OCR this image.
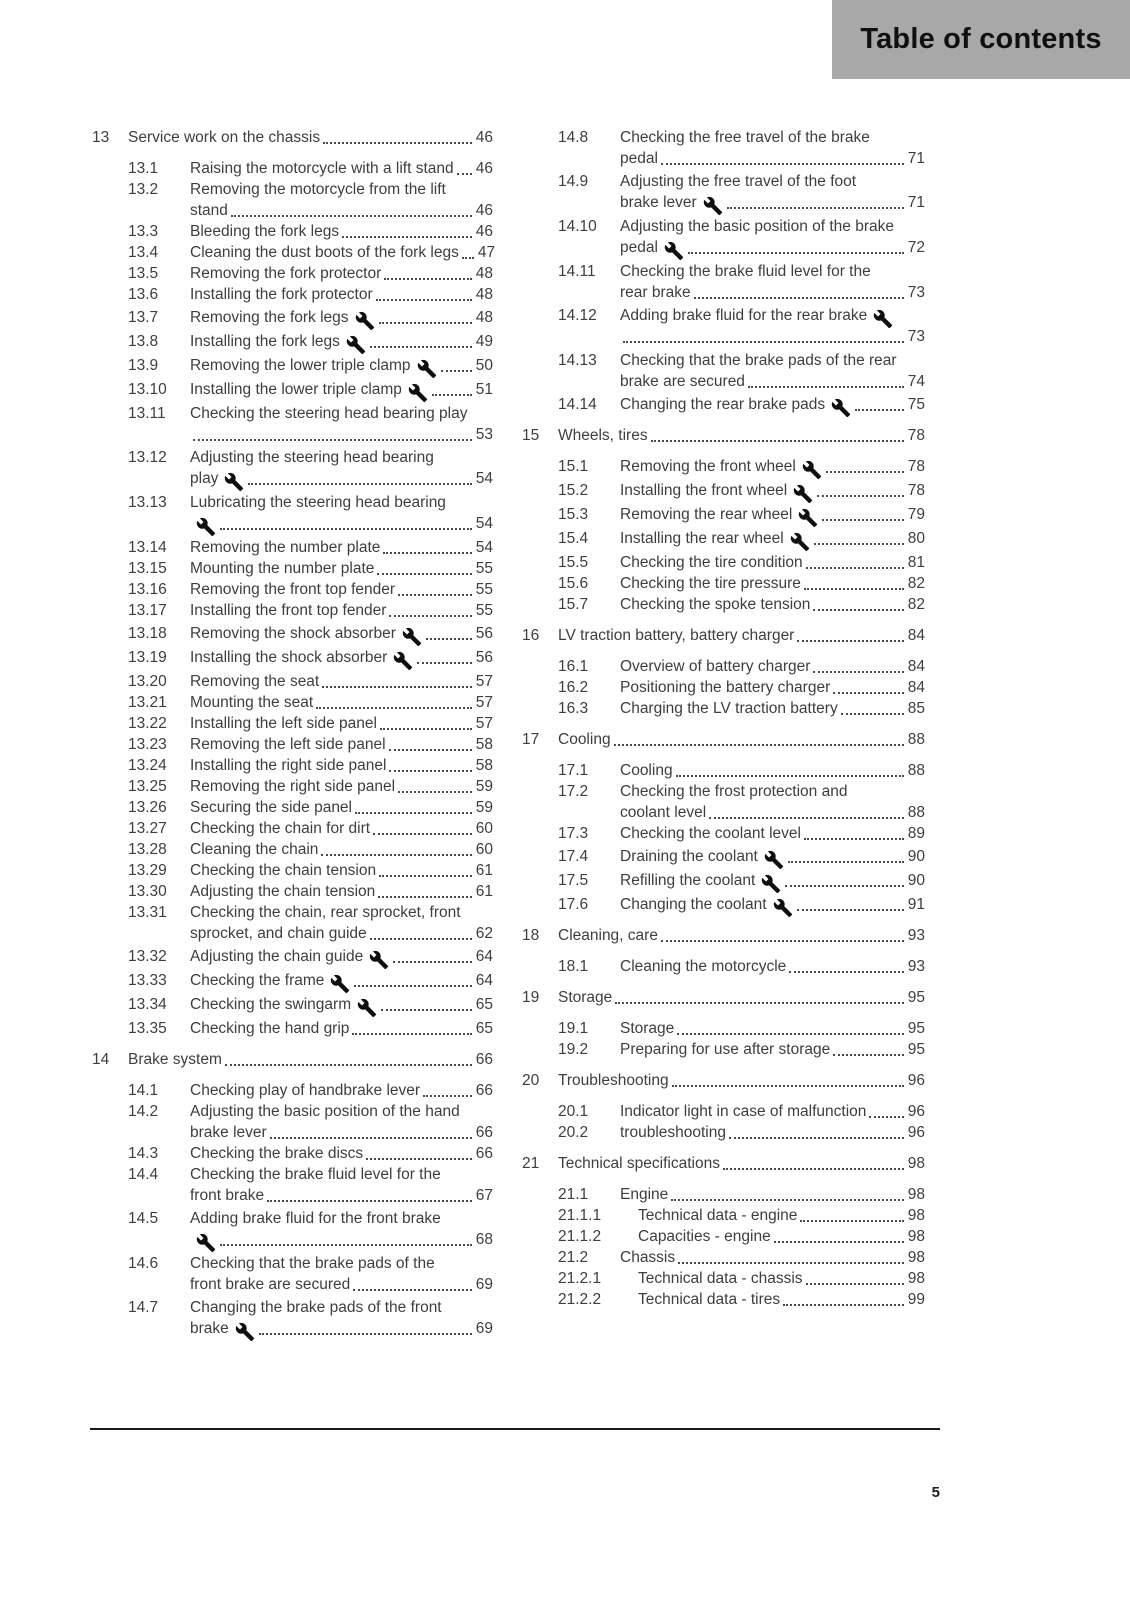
Table of contents
13	Service work on the chassis	46
13.1	Raising the motorcycle with a lift stand 46
13.2	Removing the motorcycle from the lift
stand	46
13.3	Bleeding the fork legs	46
13.4	Cleaning the dust boots of the fork legs 47
13.5	Removing the fork protector	48
13.6	Installing the fork protector	48
13.7	Removing the fork legs	48
13.8	Installing the fork legs	49
13.9	Removing the lower triple clamp	50
13.10	Installing the lower triple clamp	51
13.11	Checking the steering head bearing play
53
13.12	Adjusting the steering head bearing
play	54
13.13	Lubricating the steering head bearing
54
13.14	Removing the number plate	54
13.15	Mounting the number plate	55
13.16	Removing the front top fender	55
13.17	Installing the front top fender	55
13.18	Removing the shock absorber	56
13.19	Installing the shock absorber	56
13.20	Removing the seat	57
13.21	Mounting the seat	57
13.22	Installing the left side panel	57
13.23	Removing the left side panel	58
13.24	Installing the right side panel	58
13.25	Removing the right side panel	59
13.26	Securing the side panel	59
13.27	Checking the chain for dirt	60
13.28	Cleaning the chain	60
13.29	Checking the chain tension	61
13.30	Adjusting the chain tension	61
13.31	Checking the chain, rear sprocket, front
sprocket, and chain guide	62
13.32	Adjusting the chain guide	64
13.33	Checking the frame	64
13.34	Checking the swingarm	65
13.35	Checking the hand grip	65
14	Brake system	66
14.1	Checking play of handbrake lever	66
14.2	Adjusting the basic position of the hand
brake lever	66
14.3	Checking the brake discs	66
14.4	Checking the brake fluid level for the
front brake	67
14.5	Adding brake fluid for the front brake
68
14.6	Checking that the brake pads of the
front brake are secured	69
14.7	Changing the brake pads of the front
brake	69
14.8	Checking the free travel of the brake
pedal	71
14.9	Adjusting the free travel of the foot
brake lever	71
14.10	Adjusting the basic position of the brake
pedal	72
14.11	Checking the brake fluid level for the
rear brake	73
14.12	Adding brake fluid for the rear brake
73
14.13	Checking that the brake pads of the rear
brake are secured	74
14.14	Changing the rear brake pads	75
15	Wheels, tires	78
15.1	Removing the front wheel	78
15.2	Installing the front wheel	78
15.3	Removing the rear wheel	79
15.4	Installing the rear wheel	80
15.5	Checking the tire condition	81
15.6	Checking the tire pressure	82
15.7	Checking the spoke tension	82
16	LV traction battery, battery charger	84
16.1	Overview of battery charger	84
16.2	Positioning the battery charger	84
16.3	Charging the LV traction battery	85
17	Cooling	88
17.1	Cooling	88
17.2	Checking the frost protection and
coolant level	88
17.3	Checking the coolant level	89
17.4	Draining the coolant	90
17.5	Refilling the coolant	90
17.6	Changing the coolant	91
18	Cleaning, care	93
18.1	Cleaning the motorcycle	93
19	Storage	95
19.1	Storage	95
19.2	Preparing for use after storage	95
20	Troubleshooting	96
20.1	Indicator light in case of malfunction	96
20.2	troubleshooting	96
21	Technical specifications	98
21.1	Engine	98
21.1.1	Technical data - engine	98
21.1.2	Capacities - engine	98
21.2	Chassis	98
21.2.1	Technical data - chassis	98
21.2.2	Technical data - tires	99
5
